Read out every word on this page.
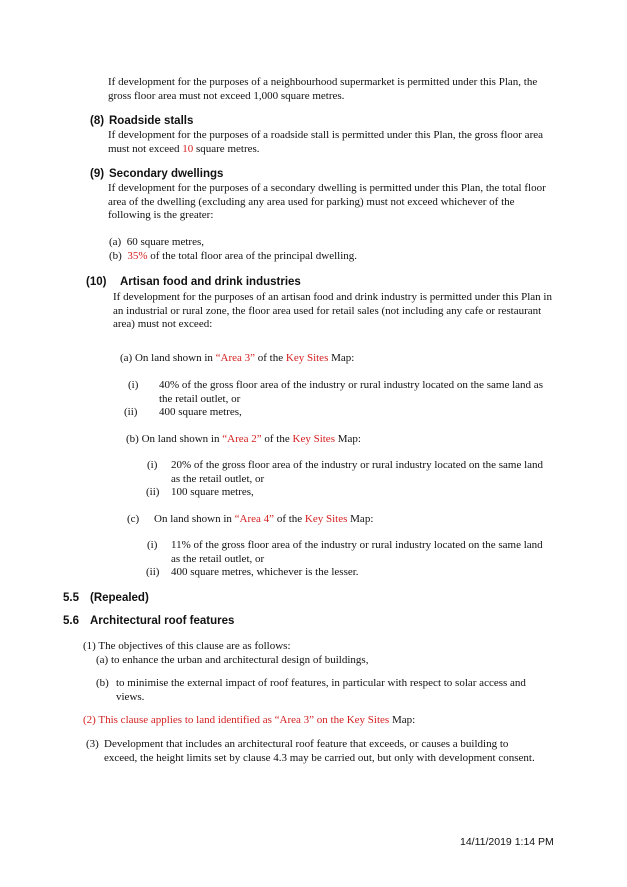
If development for the purposes of a neighbourhood supermarket is permitted under this Plan, the gross floor area must not exceed 1,000 square metres.
(8) Roadside stalls
If development for the purposes of a roadside stall is permitted under this Plan, the gross floor area must not exceed 10 square metres.
(9) Secondary dwellings
If development for the purposes of a secondary dwelling is permitted under this Plan, the total floor area of the dwelling (excluding any area used for parking) must not exceed whichever of the following is the greater:
(a) 60 square metres,
(b) 35% of the total floor area of the principal dwelling.
(10) Artisan food and drink industries
If development for the purposes of an artisan food and drink industry is permitted under this Plan in an industrial or rural zone, the floor area used for retail sales (not including any cafe or restaurant area) must not exceed:
(a) On land shown in “Area 3” of the Key Sites Map:
(i) 40% of the gross floor area of the industry or rural industry located on the same land as the retail outlet, or
(ii) 400 square metres,
(b) On land shown in “Area 2” of the Key Sites Map:
(i) 20% of the gross floor area of the industry or rural industry located on the same land as the retail outlet, or
(ii) 100 square metres,
(c) On land shown in “Area 4” of the Key Sites Map:
(i) 11% of the gross floor area of the industry or rural industry located on the same land as the retail outlet, or
(ii) 400 square metres, whichever is the lesser.
5.5 (Repealed)
5.6 Architectural roof features
(1) The objectives of this clause are as follows:
(a) to enhance the urban and architectural design of buildings,
(b) to minimise the external impact of roof features, in particular with respect to solar access and views.
(2) This clause applies to land identified as “Area 3” on the Key Sites Map:
(3) Development that includes an architectural roof feature that exceeds, or causes a building to exceed, the height limits set by clause 4.3 may be carried out, but only with development consent.
14/11/2019 1:14 PM
